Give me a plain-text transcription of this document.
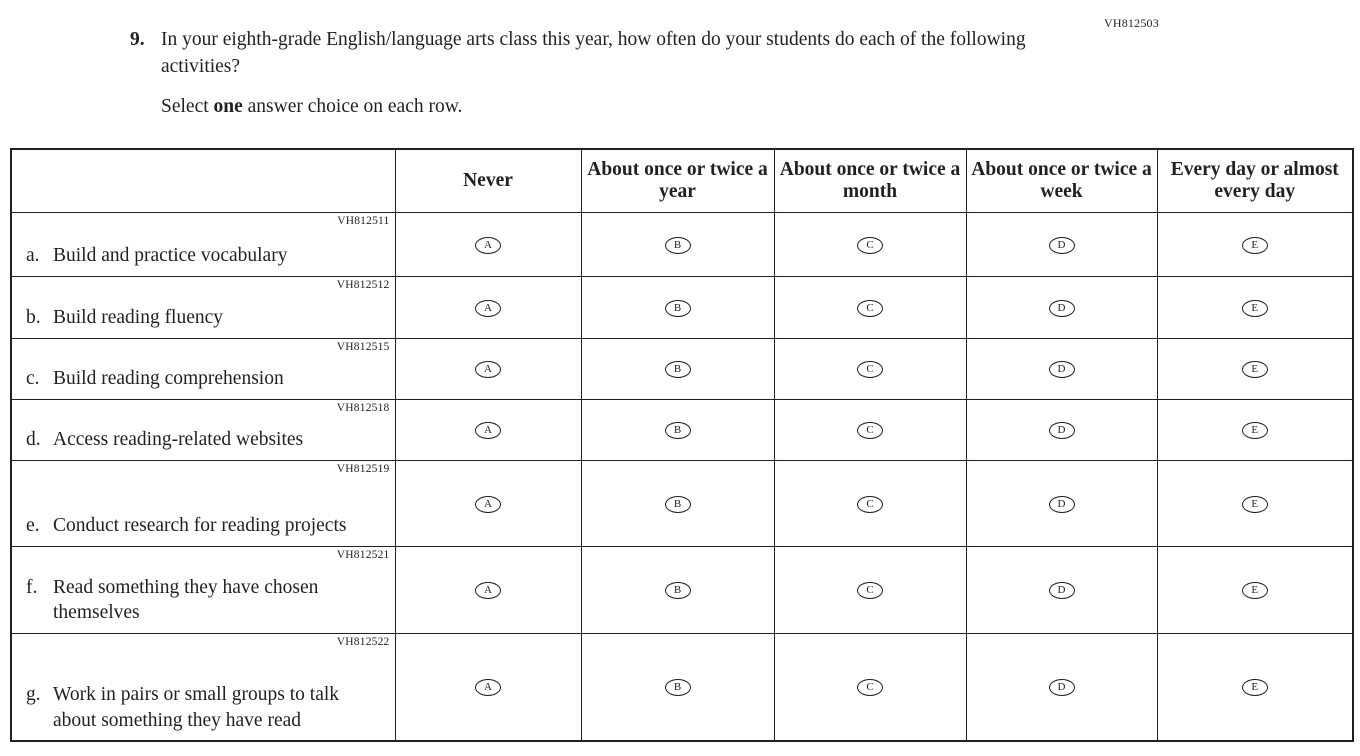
VH812503
9. In your eighth-grade English/language arts class this year, how often do your students do each of the following activities?
Select one answer choice on each row.
	Never	About once or twice a year	About once or twice a month	About once or twice a week	Every day or almost every day

VH812511
a. Build and practice vocabulary	A	B	C	D	E

VH812512
b. Build reading fluency	A	B	C	D	E

VH812515
c. Build reading comprehension	A	B	C	D	E

VH812518
d. Access reading-related websites	A	B	C	D	E

VH812519
e. Conduct research for reading projects	A	B	C	D	E

VH812521
f. Read something they have chosen themselves	A	B	C	D	E

VH812522
g. Work in pairs or small groups to talk about something they have read	A	B	C	D	E
